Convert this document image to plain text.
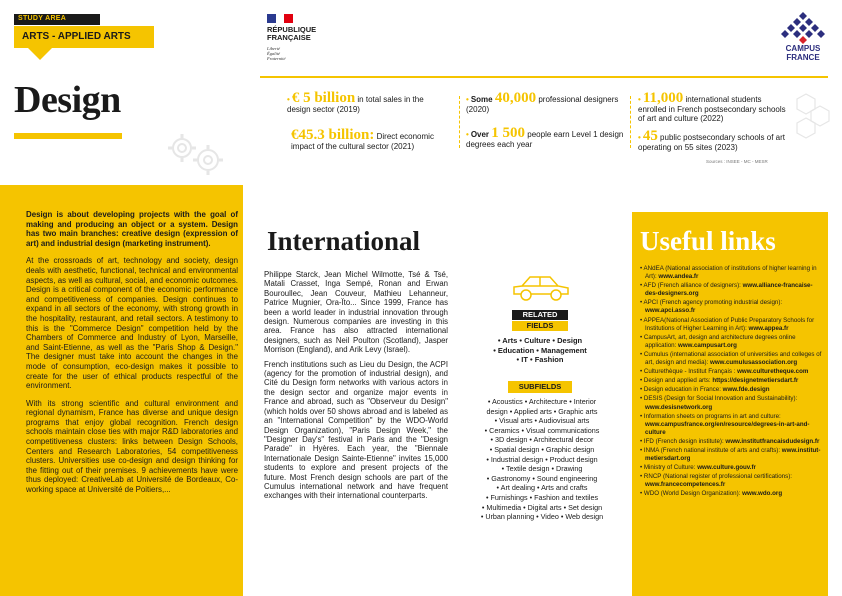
STUDY AREA
ARTS - APPLIED ARTS
RÉPUBLIQUE
FRANÇAISE
Liberté
Égalité
Fraternité
CAMPUS
FRANCE
Design	• € 5 billion in total sales in the design sector (2019)
€45.3 billion: Direct economic impact of the cultural sector (2021)
• Some 40,000 professional designers (2020)
• Over 1 500 people earn Level 1 design degrees each year
• 11,000 international students enrolled in French postsecondary schools of art and culture (2022)
• 45 public postsecondary schools of art operating on 55 sites (2023)
Sources : INSEE - MC - MESR

Design is about developing projects with the goal of making and producing an object or a system. Design has two main branches: creative design (expression of art) and industrial design (marketing instrument).

At the crossroads of art, technology and society, design deals with aesthetic, functional, technical and environmental aspects, as well as cultural, social, and economic outcomes. Design is a critical component of the economic performance and competitiveness of companies. Design continues to expand in all sectors of the economy, with strong growth in the hospitality, restaurant, and retail sectors. A testimony to this is the "Commerce Design" competition held by the Chambers of Commerce and Industry of Lyon, Marseille, and Saint-Etienne, as well as the "Paris Shop & Design." The designer must take into account the changes in the mode of consumption, eco-design makes it possible to create for the user of ethical products respectful of the environment.

With its strong scientific and cultural environment and regional dynamism, France has diverse and unique design programs that enjoy global recognition. French design schools maintain close ties with major R&D laboratories and competitiveness clusters: links between Design Schools, Centers and Research Laboratories, 54 competitiveness clusters. Universities use co-design and design thinking for the fitting out of their premises. 9 achievements have were thus deployed: CreativeLab at Université de Bordeaux, Co-working space at Université de Poitiers,...

International

Philippe Starck, Jean Michel Wilmotte, Tsé & Tsé, Matali Crasset, Inga Sempé, Ronan and Erwan Bouroullec, Jean Couveur, Mathieu Lehanneur, Patrice Mugnier, Ora-Ïto... Since 1999, France has been a world leader in industrial innovation through design. Numerous companies are investing in this area. France has also attracted international designers, such as Neil Poulton (Scotland), Jasper Morrison (England), and Arik Levy (Israel).

French institutions such as Lieu du Design, the ACPI (agency for the promotion of industrial design), and Cité du Design form networks with various actors in the design sector and organize major events in France and abroad, such as "Observeur du Design" (which holds over 50 shows abroad and is labeled as an "International Competition" by the WDO-World Design Organization), "Paris Design Week," the "Designer Day's" festival in Paris and the "Design Parade" in Hyères. Each year, the "Biennale Internationale Design Sainte-Etienne" invites 15,000 students to explore and present projects of the future. Most French design schools are part of the Cumulus international network and have frequent exchanges with their international counterparts.

RELATED
FIELDS
• Arts • Culture • Design
• Education • Management
• IT • Fashion
SUBFIELDS
• Acoustics • Architecture • Interior
design • Applied arts • Graphic arts
• Visual arts • Audiovisual arts
• Ceramics • Visual communications
• 3D design • Architectural decor
• Spatial design • Graphic design
• Industrial design • Product design
• Textile design • Drawing
• Gastronomy • Sound engineering
• Art dealing • Arts and crafts
• Furnishings • Fashion and textiles
• Multimedia • Digital arts • Set design
• Urban planning • Video • Web design
Useful links
• ANdEA (National association of institutions of higher learning in Art): www.andea.fr
• AFD (French alliance of designers): www.alliance-francaise-des-designers.org
• APCI (French agency promoting industrial design): www.apci.asso.fr
• APPEA(National Association of Public Preparatory Schools for Institutions of Higher Learning in Art): www.appea.fr
• CampusArt, art, design and architecture degrees online application: www.campusart.org
• Cumulus (international association of universities and colleges of art, design and media): www.cumulusassociation.org
• Culturethèque - Institut Français : www.culturetheque.com
• Design and applied arts: https://designetmetiersdart.fr
• Design education in France: www.fde.design
• DESIS (Design for Social Innovation and Sustainability): www.desisnetwork.org
• Information sheets on programs in art and culture: www.campusfrance.org/en/resource/degrees-in-art-and-culture
• IFD (French design institute): www.institutfrancaisdudesign.fr
• INMA (French national institute of arts and crafts): www.institut-metiersdart.org
• Ministry of Culture: www.culture.gouv.fr
• RNCP (National register of professional certifications): www.francecompetences.fr
• WDO (World Design Organization): www.wdo.org
